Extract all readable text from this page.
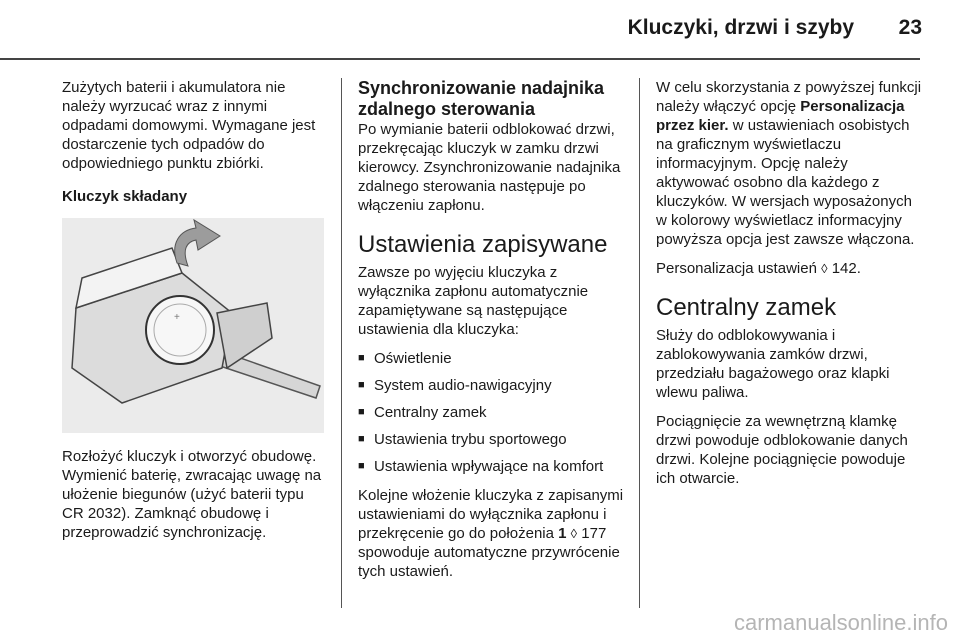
Kluczyki, drzwi i szyby 23

Zużytych baterii i akumulatora nie należy wyrzucać wraz z innymi odpadami domowymi. Wymagane jest dostarczenie tych odpadów do odpowiedniego punktu zbiórki.

Kluczyk składany
+

Rozłożyć kluczyk i otworzyć obudowę. Wymienić baterię, zwracając uwagę na ułożenie biegunów (użyć baterii typu CR 2032). Zamknąć obudowę i przeprowadzić synchronizację.

Synchronizowanie nadajnika zdalnego sterowania

Po wymianie baterii odblokować drzwi, przekręcając kluczyk w zamku drzwi kierowcy. Zsynchronizowanie nadajnika zdalnego sterowania następuje po włączeniu zapłonu.

Ustawienia zapisywane

Zawsze po wyjęciu kluczyka z wyłącznika zapłonu automatycznie zapamiętywane są następujące ustawienia dla kluczyka:

■ Oświetlenie
■ System audio-nawigacyjny
■ Centralny zamek
■ Ustawienia trybu sportowego
■ Ustawienia wpływające na komfort

Kolejne włożenie kluczyka z zapisanymi ustawieniami do wyłącznika zapłonu i przekręcenie go do położenia 1 ◊ 177 spowoduje automatyczne przywrócenie tych ustawień.

W celu skorzystania z powyższej funkcji należy włączyć opcję Personalizacja przez kier. w ustawieniach osobistych na graficznym wyświetlaczu informacyjnym. Opcję należy aktywować osobno dla każdego z kluczyków. W wersjach wyposażonych w kolorowy wyświetlacz informacyjny powyższa opcja jest zawsze włączona.

Personalizacja ustawień ◊ 142.

Centralny zamek

Służy do odblokowywania i zablokowywania zamków drzwi, przedziału bagażowego oraz klapki wlewu paliwa.

Pociągnięcie za wewnętrzną klamkę drzwi powoduje odblokowanie danych drzwi. Kolejne pociągnięcie powoduje ich otwarcie.

carmanualsonline.info
